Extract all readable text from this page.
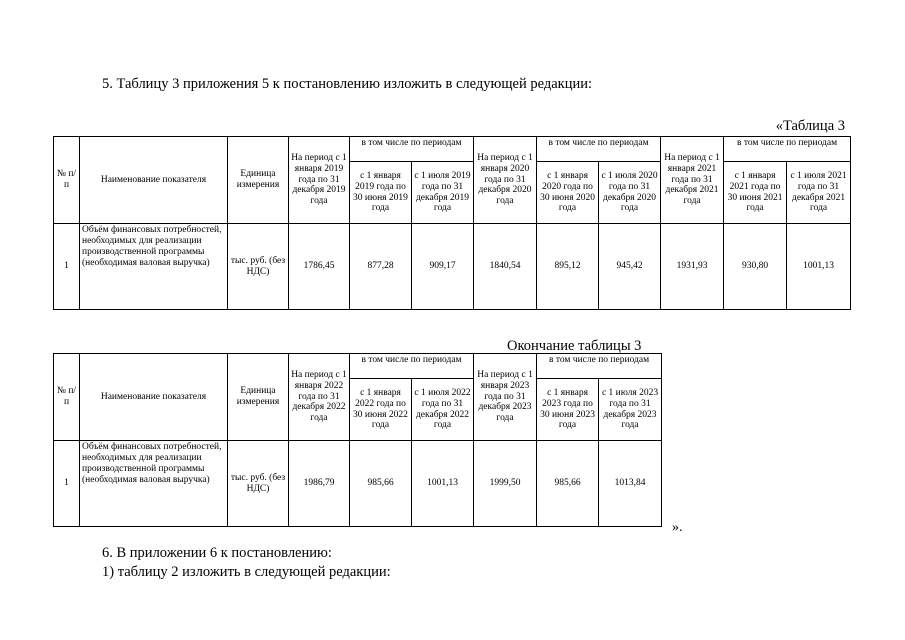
5. Таблицу 3 приложения 5 к постановлению изложить в следующей редакции:
«Таблица 3
№ п/п	Наименование показателя	Единица измерения	На период с 1 января 2019 года по 31 декабря 2019 года	в том числе по периодам		На период с 1 января 2020 года по 31 декабря 2020 года	в том числе по периодам		На период с 1 января 2021 года по 31 декабря 2021 года	в том числе по периодам	
				с 1 января 2019 года по 30 июня 2019 года	с 1 июля 2019 года по 31 декабря 2019 года		с 1 января 2020 года по 30 июня 2020 года	с 1 июля 2020 года по 31 декабря 2020 года		с 1 января 2021 года по 30 июня 2021 года	с 1 июля 2021 года по 31 декабря 2021 года
1	Объём финансовых потребностей, необходимых для реализации производственной программы (необходимая валовая выручка)	тыс. руб. (без НДС)	1786,45	877,28	909,17	1840,54	895,12	945,42	1931,93	930,80	1001,13
Окончание таблицы 3
№ п/п	Наименование показателя	Единица измерения	На период с 1 января 2022 года по 31 декабря 2022 года	в том числе по периодам		На период с 1 января 2023 года по 31 декабря 2023 года	в том числе по периодам	
				с 1 января 2022 года по 30 июня 2022 года	с 1 июля 2022 года по 31 декабря 2022 года		с 1 января 2023 года по 30 июня 2023 года	с 1 июля 2023 года по 31 декабря 2023 года
1	Объём финансовых потребностей, необходимых для реализации производственной программы (необходимая валовая выручка)	тыс. руб. (без НДС)	1986,79	985,66	1001,13	1999,50	985,66	1013,84
».
6. В приложении 6 к постановлению:
1) таблицу 2 изложить в следующей редакции:
